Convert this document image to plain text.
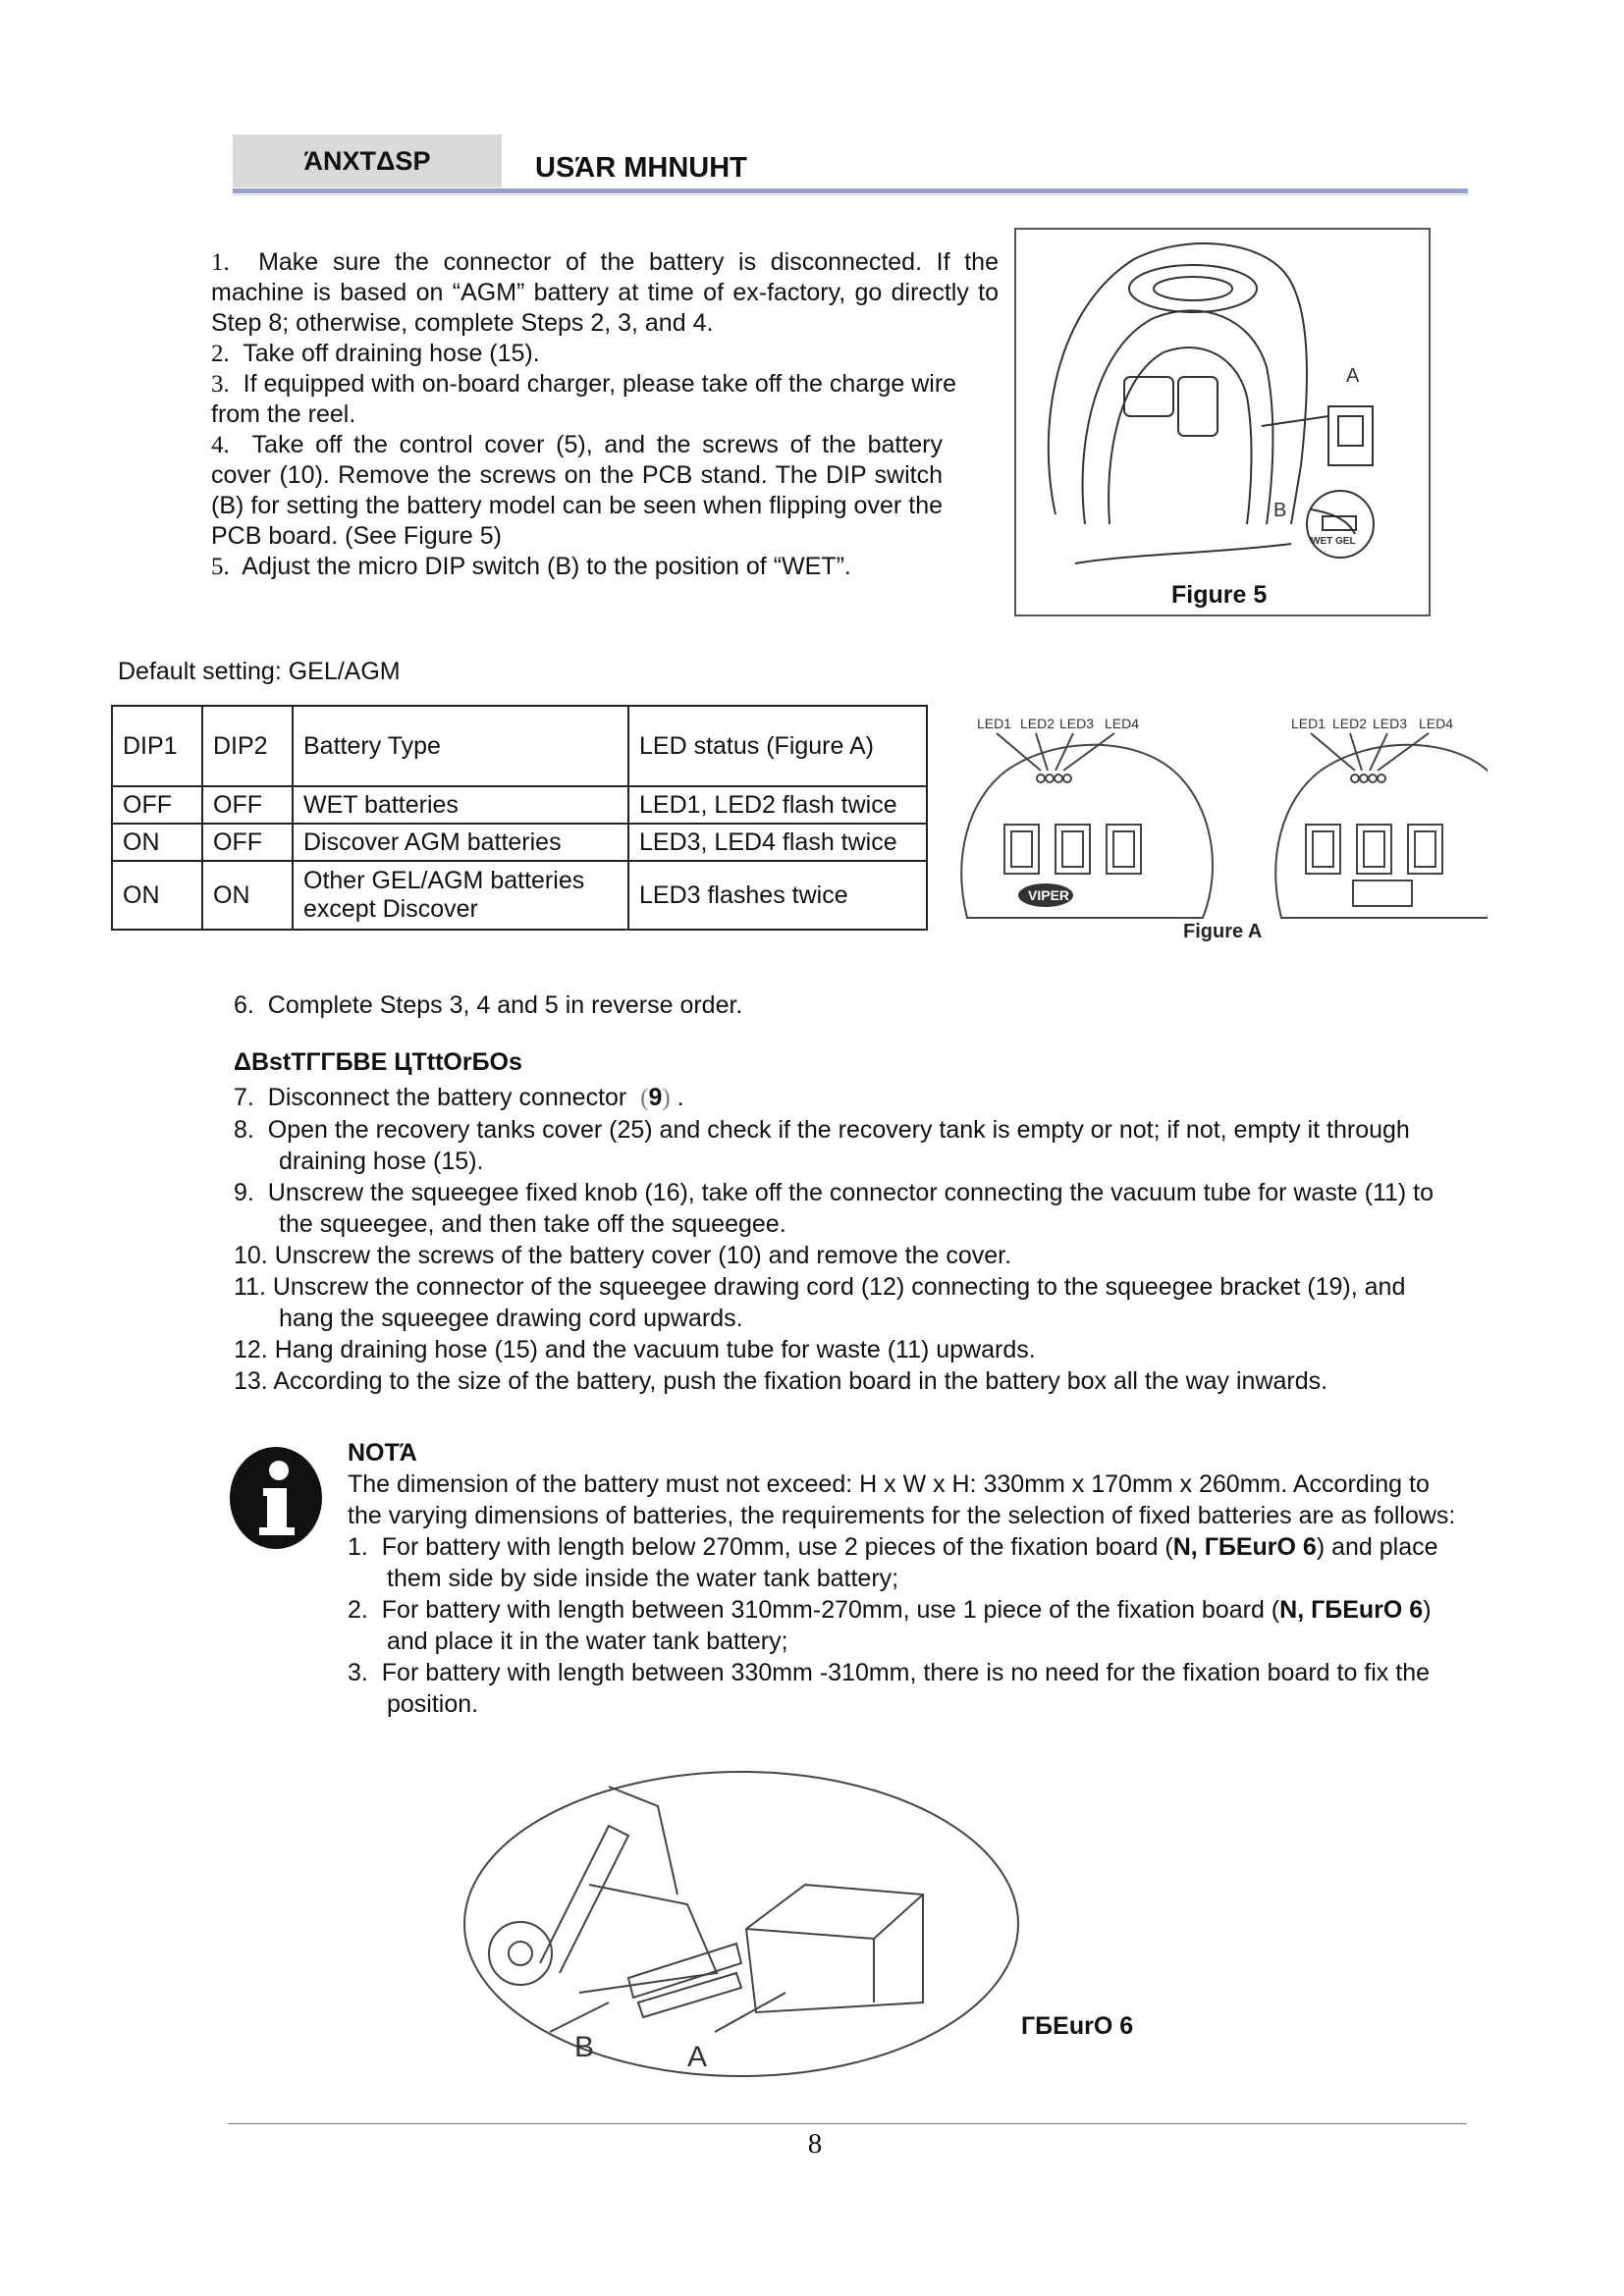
ΆNXTΔSP	USΆR MHNUHT
1. Make sure the connector of the battery is disconnected. If the machine is based on “AGM” battery at time of ex-factory, go directly to Step 8; otherwise, complete Steps 2, 3, and 4.
2. Take off draining hose (15).
3. If equipped with on-board charger, please take off the charge wire from the reel.
4. Take off the control cover (5), and the screws of the battery cover (10). Remove the screws on the PCB stand. The DIP switch (B) for setting the battery model can be seen when flipping over the PCB board. (See Figure 5)
5. Adjust the micro DIP switch (B) to the position of “WET”.
A
B
WET GEL
Figure 5
Default setting: GEL/AGM
DIP1	DIP2	Battery Type	LED status (Figure A)
OFF	OFF	WET batteries	LED1, LED2 flash twice
ON	OFF	Discover AGM batteries	LED3, LED4 flash twice
ON	ON	Other GEL/AGM batteries except Discover	LED3 flashes twice
LED1 LED2 LED3 LED4	LED1 LED2 LED3 LED4
VIPER
Figure A
6. Complete Steps 3, 4 and 5 in reverse order.
ΔBstTΓΓБBE ЦTttOrБOs
7. Disconnect the battery connector (9) .
8. Open the recovery tanks cover (25) and check if the recovery tank is empty or not; if not, empty it through draining hose (15).
9. Unscrew the squeegee fixed knob (16), take off the connector connecting the vacuum tube for waste (11) to the squeegee, and then take off the squeegee.
10. Unscrew the screws of the battery cover (10) and remove the cover.
11. Unscrew the connector of the squeegee drawing cord (12) connecting to the squeegee bracket (19), and hang the squeegee drawing cord upwards.
12. Hang draining hose (15) and the vacuum tube for waste (11) upwards.
13. According to the size of the battery, push the fixation board in the battery box all the way inwards.
NOTΆ
The dimension of the battery must not exceed: H x W x H: 330mm x 170mm x 260mm. According to the varying dimensions of batteries, the requirements for the selection of fixed batteries are as follows:
1. For battery with length below 270mm, use 2 pieces of the fixation board (N, ГБEurO 6) and place them side by side inside the water tank battery;
2. For battery with length between 310mm-270mm, use 1 piece of the fixation board (N, ГБEurO 6) and place it in the water tank battery;
3. For battery with length between 330mm -310mm, there is no need for the fixation board to fix the position.
B	A
ГБEurO 6
8
